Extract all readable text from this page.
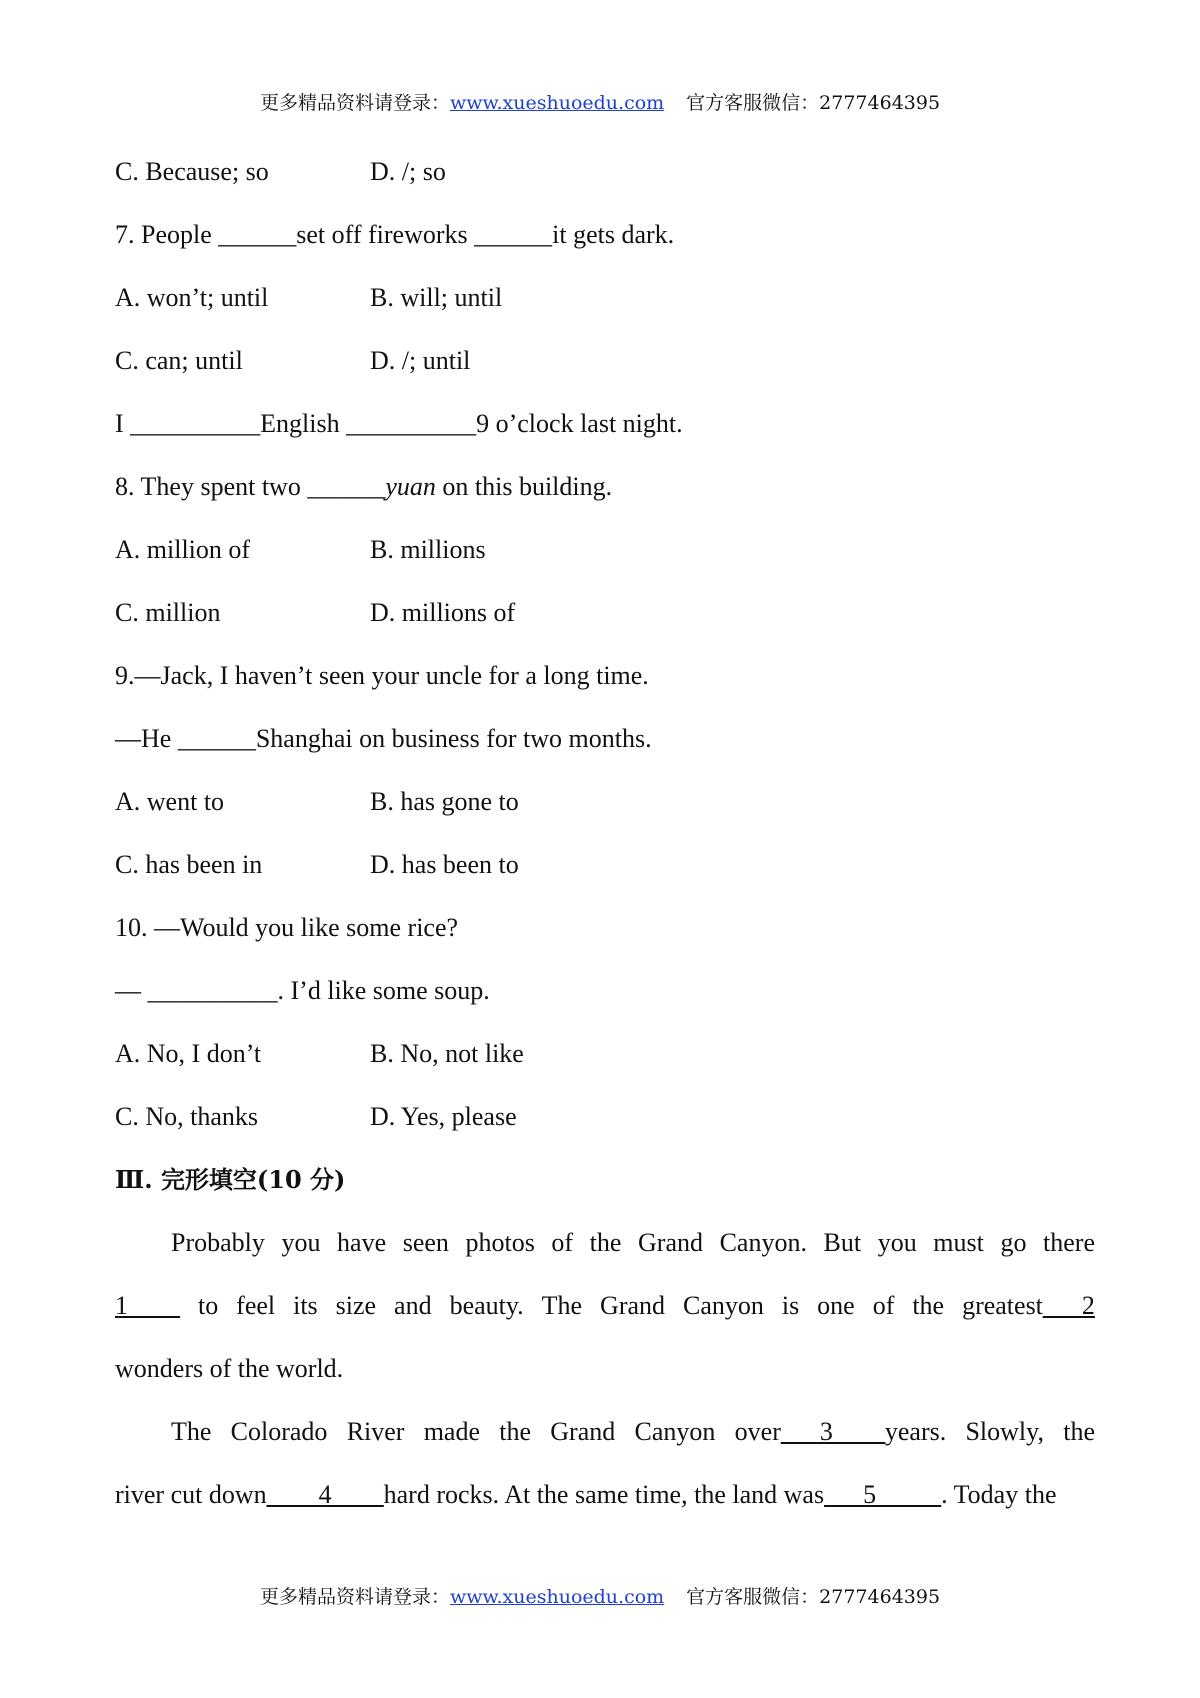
更多精品资料请登录：www.xueshuoedu.com 官方客服微信：2777464395
C. Because; so	D. /; so
7. People ______set off fireworks ______it gets dark.
A. won’t; until	B. will; until
C. can; until	D. /; until
I __________English __________9 o’clock last night.
8. They spent two ______yuan on this building.
A. million of	B. millions
C. million	D. millions of
9.—Jack, I haven’t seen your uncle for a long time.
—He ______Shanghai on business for two months.
A. went to	B. has gone to
C. has been in	D. has been to
10. —Would you like some rice?
— __________. I’d like some soup.
A. No, I don’t	B. No, not like
C. No, thanks	D. Yes, please
Ⅲ. 完形填空(10 分)
Probably you have seen photos of the Grand Canyon. But you must go there
1____ to feel its size and beauty. The Grand Canyon is one of the greatest___2
wonders of the world.
The Colorado River made the Grand Canyon over___3____years. Slowly, the
river cut down ____4____ hard rocks. At the same time, the land was ___5_____ . Today the
更多精品资料请登录：www.xueshuoedu.com 官方客服微信：2777464395
